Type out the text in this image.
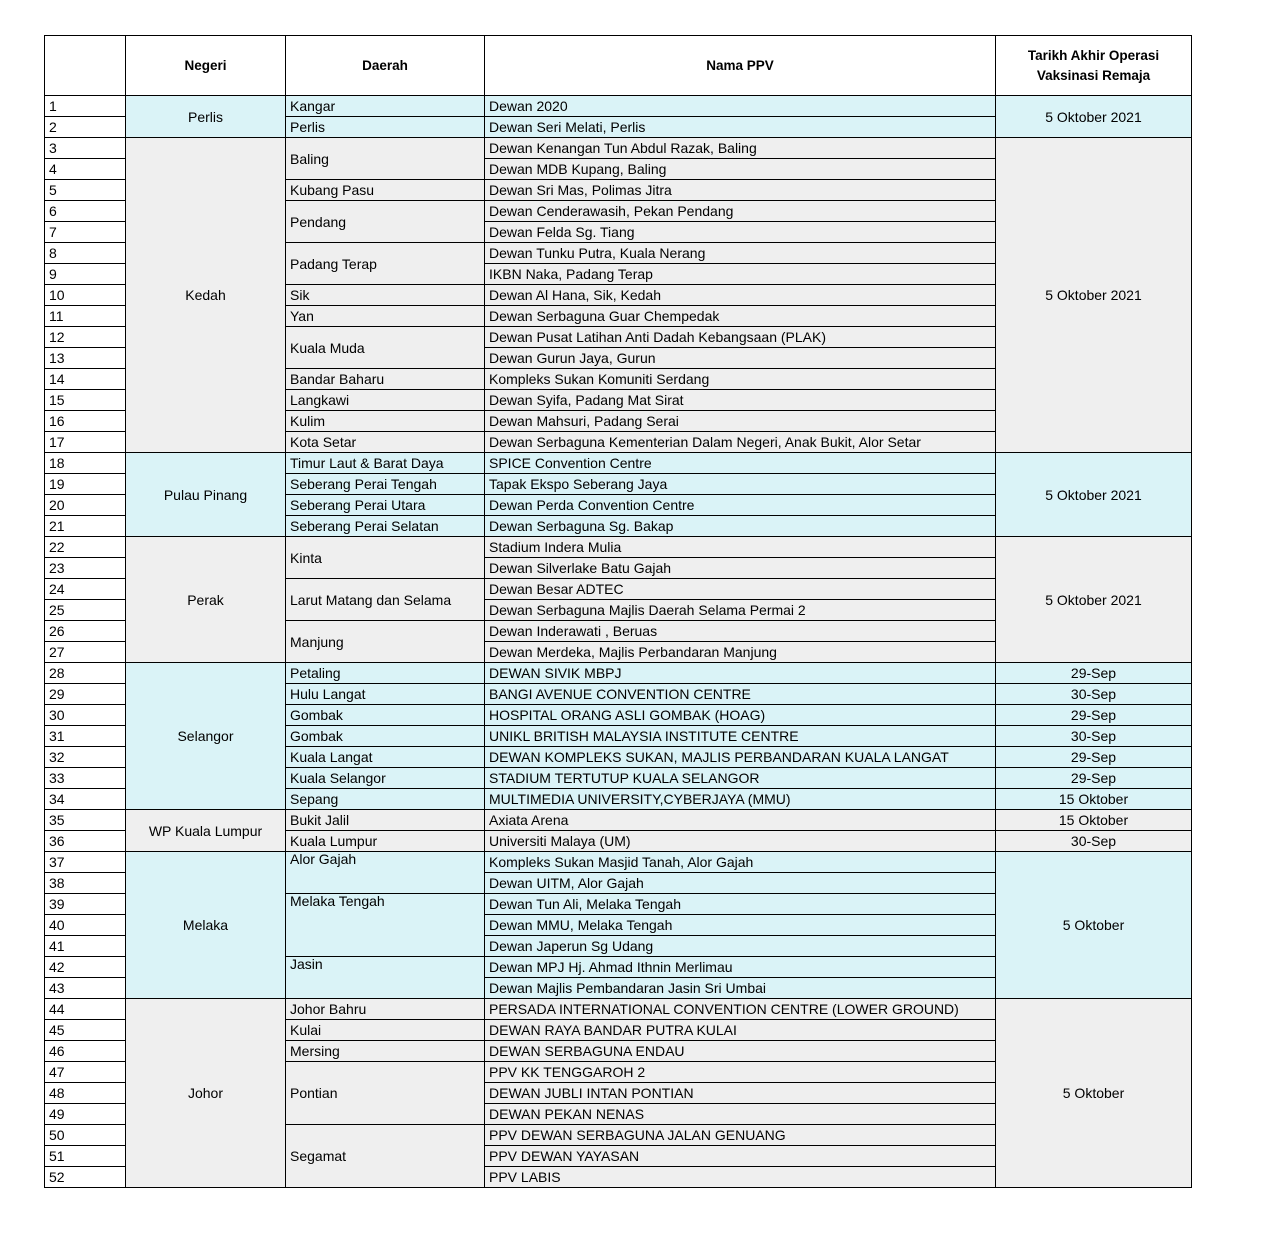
	Negeri	Daerah	Nama PPV	Tarikh Akhir Operasi Vaksinasi Remaja
1	Perlis	Kangar	Dewan 2020	5 Oktober 2021
2		Perlis	Dewan Seri Melati, Perlis	
3	Kedah	Baling	Dewan Kenangan Tun Abdul Razak, Baling	5 Oktober 2021
4			Dewan MDB Kupang, Baling	
5		Kubang Pasu	Dewan Sri Mas, Polimas Jitra	
6		Pendang	Dewan Cenderawasih, Pekan Pendang	
7			Dewan Felda Sg. Tiang	
8		Padang Terap	Dewan Tunku Putra, Kuala Nerang	
9			IKBN Naka, Padang Terap	
10		Sik	Dewan Al Hana, Sik, Kedah	
11		Yan	Dewan Serbaguna Guar Chempedak	
12		Kuala Muda	Dewan Pusat Latihan Anti Dadah Kebangsaan (PLAK)	
13			Dewan Gurun Jaya, Gurun	
14		Bandar Baharu	Kompleks Sukan Komuniti Serdang	
15		Langkawi	Dewan Syifa, Padang Mat Sirat	
16		Kulim	Dewan Mahsuri, Padang Serai	
17		Kota Setar	Dewan Serbaguna Kementerian Dalam Negeri, Anak Bukit, Alor Setar	
18	Pulau Pinang	Timur Laut & Barat Daya	SPICE Convention Centre	5 Oktober 2021
19		Seberang Perai Tengah	Tapak Ekspo Seberang Jaya	
20		Seberang Perai Utara	Dewan Perda Convention Centre	
21		Seberang Perai Selatan	Dewan Serbaguna Sg. Bakap	
22	Perak	Kinta	Stadium Indera Mulia	5 Oktober 2021
23			Dewan Silverlake Batu Gajah	
24		Larut Matang dan Selama	Dewan Besar ADTEC	
25			Dewan Serbaguna Majlis Daerah Selama Permai 2	
26		Manjung	Dewan Inderawati , Beruas	
27			Dewan Merdeka, Majlis Perbandaran Manjung	
28	Selangor	Petaling	DEWAN SIVIK MBPJ	29-Sep
29		Hulu Langat	BANGI AVENUE CONVENTION CENTRE	30-Sep
30		Gombak	HOSPITAL ORANG ASLI GOMBAK (HOAG)	29-Sep
31		Gombak	UNIKL BRITISH MALAYSIA INSTITUTE CENTRE	30-Sep
32		Kuala Langat	DEWAN KOMPLEKS SUKAN, MAJLIS PERBANDARAN KUALA LANGAT	29-Sep
33		Kuala Selangor	STADIUM TERTUTUP KUALA SELANGOR	29-Sep
34		Sepang	MULTIMEDIA UNIVERSITY,CYBERJAYA (MMU)	15 Oktober
35	WP Kuala Lumpur	Bukit Jalil	Axiata Arena	15 Oktober
36		Kuala Lumpur	Universiti Malaya (UM)	30-Sep
37	Melaka	Alor Gajah	Kompleks Sukan Masjid Tanah, Alor Gajah	5 Oktober
38			Dewan UITM, Alor Gajah	
39		Melaka Tengah	Dewan Tun Ali, Melaka Tengah	
40			Dewan MMU, Melaka Tengah	
41			Dewan Japerun Sg Udang	
42		Jasin	Dewan MPJ Hj. Ahmad Ithnin Merlimau	
43			Dewan Majlis Pembandaran Jasin Sri Umbai	
44	Johor	Johor Bahru	PERSADA INTERNATIONAL CONVENTION CENTRE (LOWER GROUND)	5 Oktober
45		Kulai	DEWAN RAYA BANDAR PUTRA KULAI	
46		Mersing	DEWAN SERBAGUNA ENDAU	
47		Pontian	PPV KK TENGGAROH 2	
48			DEWAN JUBLI INTAN PONTIAN	
49			DEWAN PEKAN NENAS	
50		Segamat	PPV DEWAN SERBAGUNA JALAN GENUANG	
51			PPV DEWAN YAYASAN	
52			PPV LABIS	
